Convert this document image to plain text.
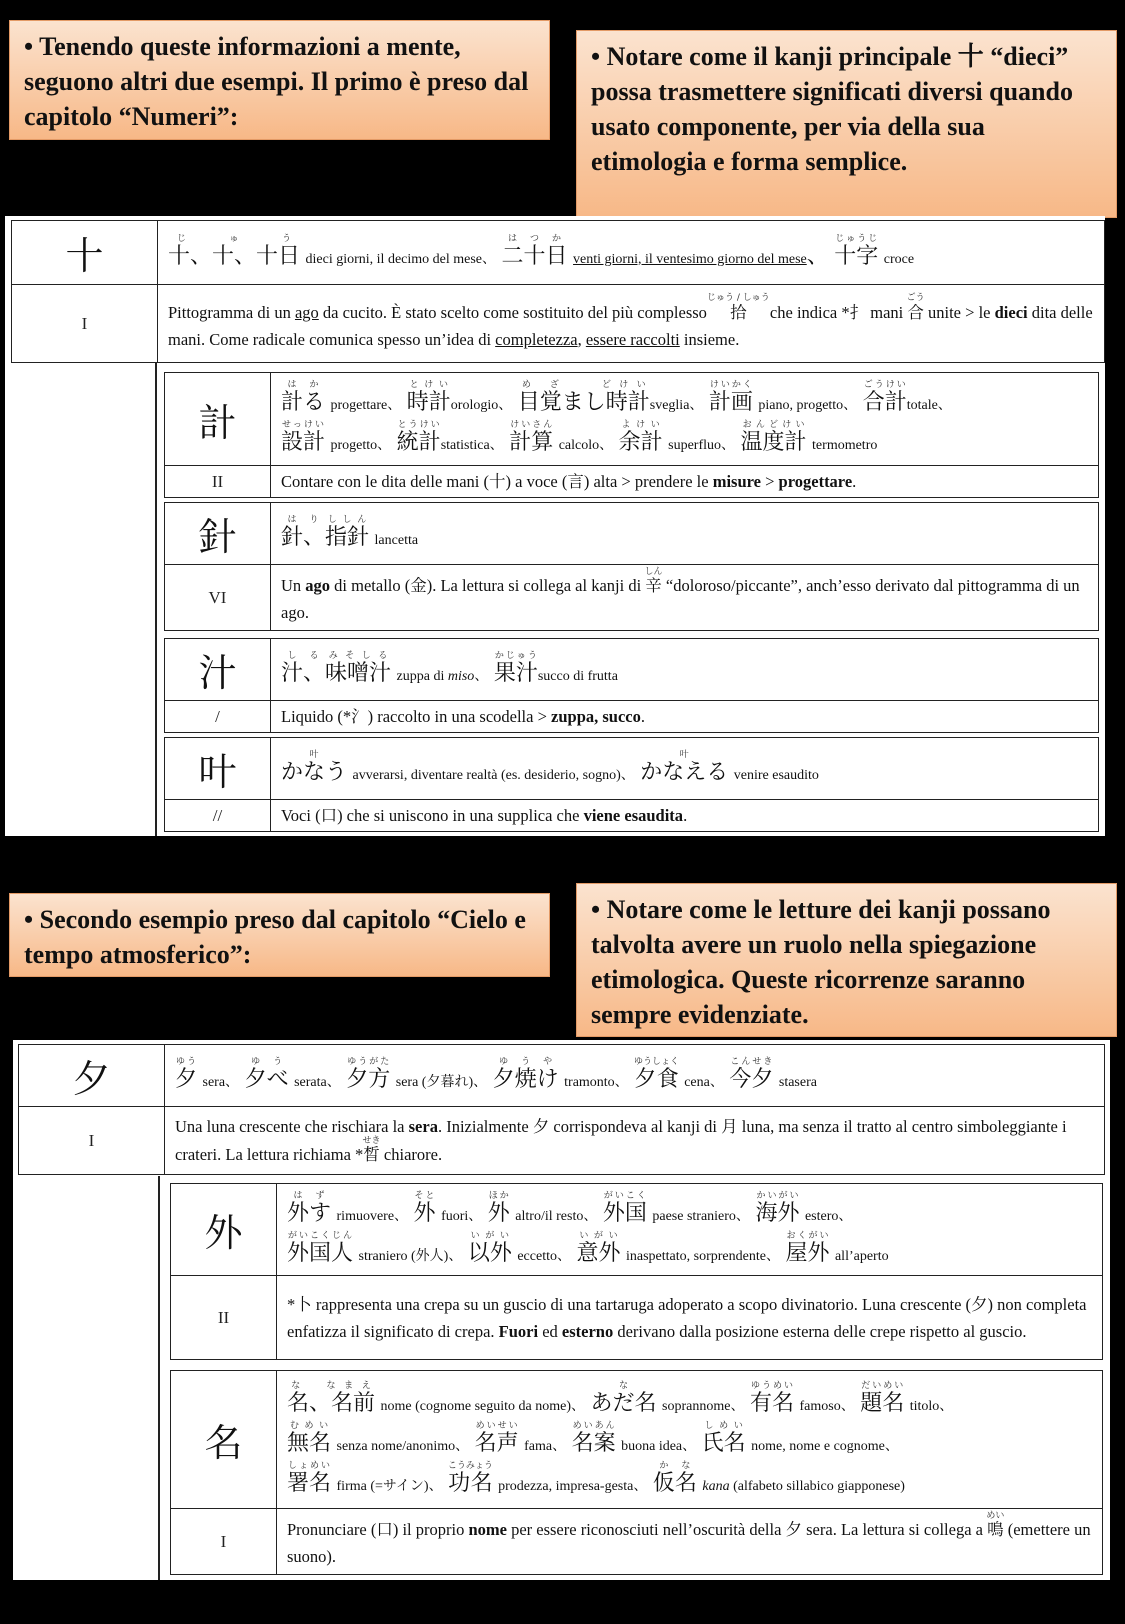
• Tenendo queste informazioni a mente, seguono altri due esempi. Il primo è preso dal capitolo “Numeri”:
• Notare come il kanji principale 十 “dieci” possa trasmettere significati diversi quando usato componente, per via della sua etimologia e forma semplice.
• Secondo esempio preso dal capitolo “Cielo e tempo atmosferico”:
• Notare come le letture dei kanji possano talvolta avere un ruolo nella spiegazione etimologica. Queste ricorrenze saranno sempre evidenziate.
十	十、十、十日じゅう dieci giorni, il decimo del mese、 二十日はつか venti giorni, il ventesimo giorno del mese、 十字じゅうじ croce
I	Pittogramma di un ago da cucito. È stato scelto come sostituito del più complesso 拾じゅう / しゅう che indica *扌 mani 合ごう unite > le dieci dita delle mani. Come radicale comunica spesso un’idea di completezza, essere raccolti insieme.
計	計るはか progettare、 時計とけいorologio、 目覚まし時計め ざ　　どけいsveglia、 計画けいかく piano, progetto、 合計ごうけいtotale、
設計せっけい progetto、 統計とうけいstatistica、 計算けいさん calcolo、 余計よけい superfluo、 温度計おんどけい termometro

II	Contare con le dita delle mani (十) a voce (言) alta > prendere le misure > progettare.
針	針、はり指針ししん lancetta
VI	Un ago di metallo (金). La lettura si collega al kanji di 辛しん “doloroso/piccante”, anch’esso derivato dal pittogramma di un ago.
汁	汁、しる味噌汁みそしる zuppa di miso、 果汁かじゅうsucco di frutta
/	Liquido (*氵) raccolto in una scodella > zuppa, succo.
叶	かなう叶 avverarsi, diventare realtà (es. desiderio, sogno)、 かなえる叶 venire esaudito
//	Voci (口) che si uniscono in una supplica che viene esaudita.
夕	夕ゆう sera、 夕べゆう serata、 夕方ゆうがた sera (夕暮れ)、 夕焼けゆうや tramonto、 夕食ゆうしょく cena、 今夕こんせき stasera
I	Una luna crescente che rischiara la sera. Inizialmente 夕 corrispondeva al kanji di 月 luna, ma senza il tratto al centro simboleggiante i crateri. La lettura richiama *晳せき chiarore.
外	外すはず rimuovere、 外そと fuori、 外ほか altro/il resto、 外国がいこく paese straniero、 海外かいがい estero、
外国人がいこくじん straniero (外人)、 以外いがい eccetto、 意外いがい inaspettato, sorprendente、 屋外おくがい all’aperto

II	*卜 rappresenta una crepa su un guscio di una tartaruga adoperato a scopo divinatorio. Luna crescente (夕) non completa enfatizza il significato di crepa. Fuori ed esterno derivano dalla posizione esterna delle crepe rispetto al guscio.
名	名、名前な　なまえ nome (cognome seguito da nome)、 あだ名な soprannome、 有名ゆうめい famoso、 題名だいめい titolo、
無名むめい senza nome/anonimo、 名声めいせい fama、 名案めいあん buona idea、 氏名しめい nome, nome e cognome、
署名しょめい firma (=サイン)、 功名こうみょう prodezza, impresa-gesta、 仮名かな kana (alfabeto sillabico giapponese)

I	Pronunciare (口) il proprio nome per essere riconosciuti nell’oscurità della 夕 sera. La lettura si collega a 鳴めい (emettere un suono).
